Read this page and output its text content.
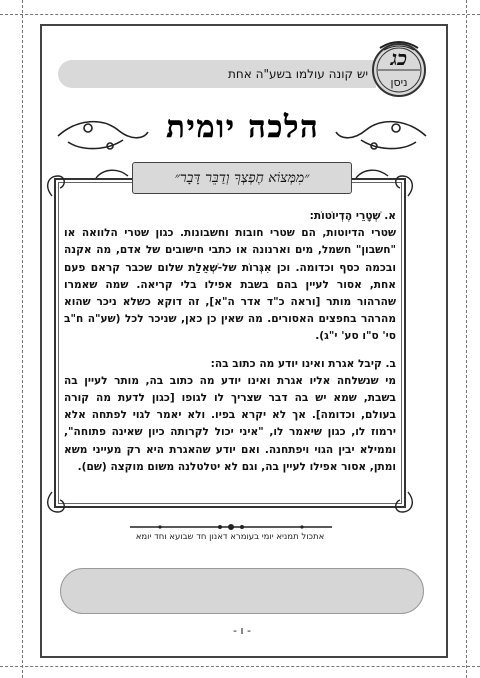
יש קונה עולמו בשע"ה אחת
כג
ניסן
הלכה יומית
״מִמְּצוֹא חֶפְצְךָ וְדַבֵּר דָּבָר״

א. שְׁטָרֵי הֶדְיוֹטוֹת:
שטרי הדיוטות, הם שטרי חובות וחשבונות. כגון שטרי הלוואה או "חשבון" חשמל, מים וארנונה או כתבי חישובים של אדם, מה אקנה ובכמה כסף וכדומה. וכן אִגְּרוֹת של-שְׁאֵלַת שלום שכבר קראם פעם אחת, אסור לעיין בהם בשבת אפילו בלי קריאה. שמה שאמרו שהרהור מותר [וראה כ"ד אדר ה"א], זה דוקא כשלא ניכר שהוא מהרהר בחפצים האסורים. מה שאין כן כאן, שניכר לכל (שע"ה ח"ב סי' ס"ו סע' י"ג).

ב. קיבל אגרת ואינו יודע מה כתוב בה:
מי שנשלחה אליו אגרת ואינו יודע מה כתוב בה, מותר לעיין בה בשבת, שמא יש בה דבר שצריך לו לגופו [כגון לדעת מה קורה בעולם, וכדומה]. אך לא יקרא בפיו. ולא יאמר לגוי לפתחה אלא ירמוז לו, כגון שיאמר לו, "איני יכול לקרותה כיון שאינה פתוחה", וממילא יבין הגוי ויפתחנה. ואם יודע שהאגרת היא רק מעייני משא ומתן, אסור אפילו לעיין בה, וגם לא יטלטלנה משום מוקצה (שם).

אתכול תמניא יומי בעומרא דאנון חד שבועא וחד יומא
- ו -
